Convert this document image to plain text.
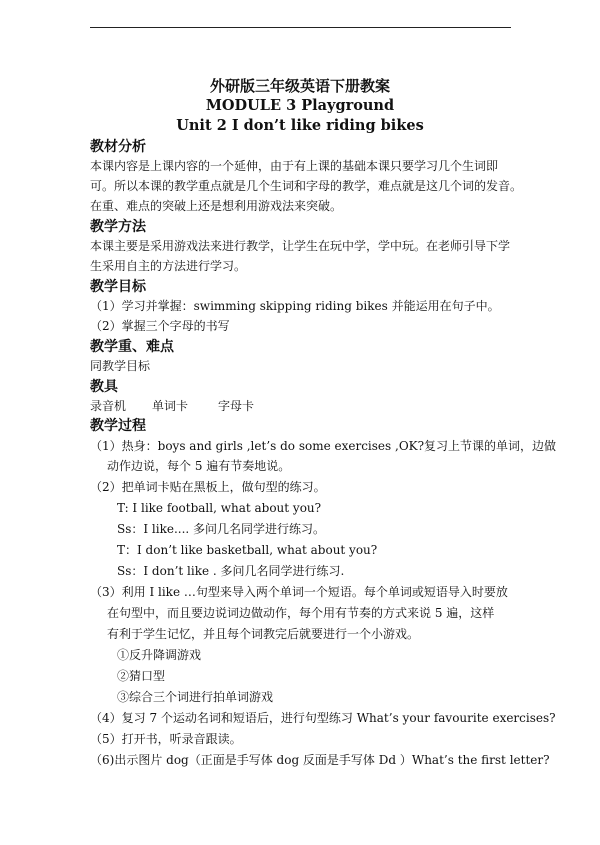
外研版三年级英语下册教案
MODULE 3 Playground
Unit 2 I don’t like riding bikes
教材分析
本课内容是上课内容的一个延伸，由于有上课的基础本课只要学习几个生词即
可。所以本课的教学重点就是几个生词和字母的教学，难点就是这几个词的发音。
在重、难点的突破上还是想利用游戏法来突破。
教学方法
本课主要是采用游戏法来进行教学，让学生在玩中学，学中玩。在老师引导下学
生采用自主的方法进行学习。
教学目标
（1）学习并掌握：swimming skipping riding bikes 并能运用在句子中。
（2）掌握三个字母的书写
教学重、难点
同教学目标
教具
录音机	单词卡	字母卡
教学过程
（1）热身：boys and girls ,let’s do some exercises ,OK?复习上节课的单词，边做
动作边说，每个 5 遍有节奏地说。
（2）把单词卡贴在黑板上，做句型的练习。
T: I like football, what about you?
Ss：I like.... 多问几名同学进行练习。
T：I don’t like basketball, what about you?
Ss：I don’t like . 多问几名同学进行练习.
（3）利用 I like …句型来导入两个单词一个短语。每个单词或短语导入时要放
在句型中，而且要边说词边做动作，每个用有节奏的方式来说 5 遍，这样
有利于学生记忆，并且每个词教完后就要进行一个小游戏。
①反升降调游戏
②猜口型
③综合三个词进行拍单词游戏
（4）复习 7 个运动名词和短语后，进行句型练习 What’s your favourite exercises?
（5）打开书，听录音跟读。
（6)出示图片 dog（正面是手写体 dog 反面是手写体 Dd ）What’s the first letter?
